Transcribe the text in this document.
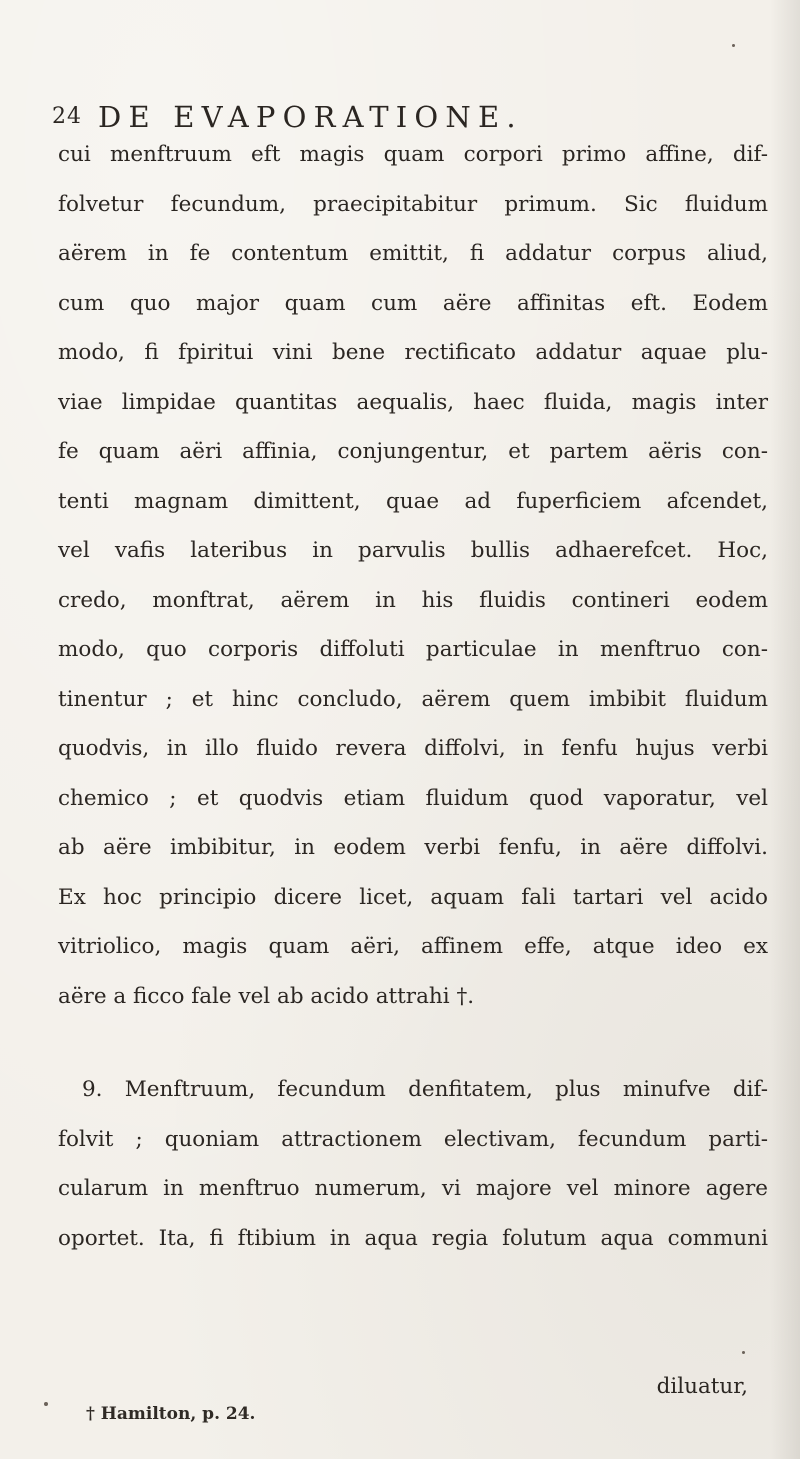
24 DE EVAPORATIONE.
cui menftruum eft magis quam corpori primo affine, dif-
folvetur fecundum, praecipitabitur primum. Sic fluidum
aërem in fe contentum emittit, fi addatur corpus aliud,
cum quo major quam cum aëre affinitas eft. Eodem
modo, fi fpiritui vini bene rectificato addatur aquae plu-
viae limpidae quantitas aequalis, haec fluida, magis inter
fe quam aëri affinia, conjungentur, et partem aëris con-
tenti magnam dimittent, quae ad fuperficiem afcendet,
vel vafis lateribus in parvulis bullis adhaerefcet. Hoc,
credo, monftrat, aërem in his fluidis contineri eodem
modo, quo corporis diffoluti particulae in menftruo con-
tinentur ; et hinc concludo, aërem quem imbibit fluidum
quodvis, in illo fluido revera diffolvi, in fenfu hujus verbi
chemico ; et quodvis etiam fluidum quod vaporatur, vel
ab aëre imbibitur, in eodem verbi fenfu, in aëre diffolvi.
Ex hoc principio dicere licet, aquam fali tartari vel acido
vitriolico, magis quam aëri, affinem effe, atque ideo ex
aëre a ficco fale vel ab acido attrahi †.
9. Menftruum, fecundum denfitatem, plus minufve dif-
folvit ; quoniam attractionem electivam, fecundum parti-
cularum in menftruo numerum, vi majore vel minore agere
oportet. Ita, fi ftibium in aqua regia folutum aqua communi
diluatur,
† Hamilton, p. 24.
